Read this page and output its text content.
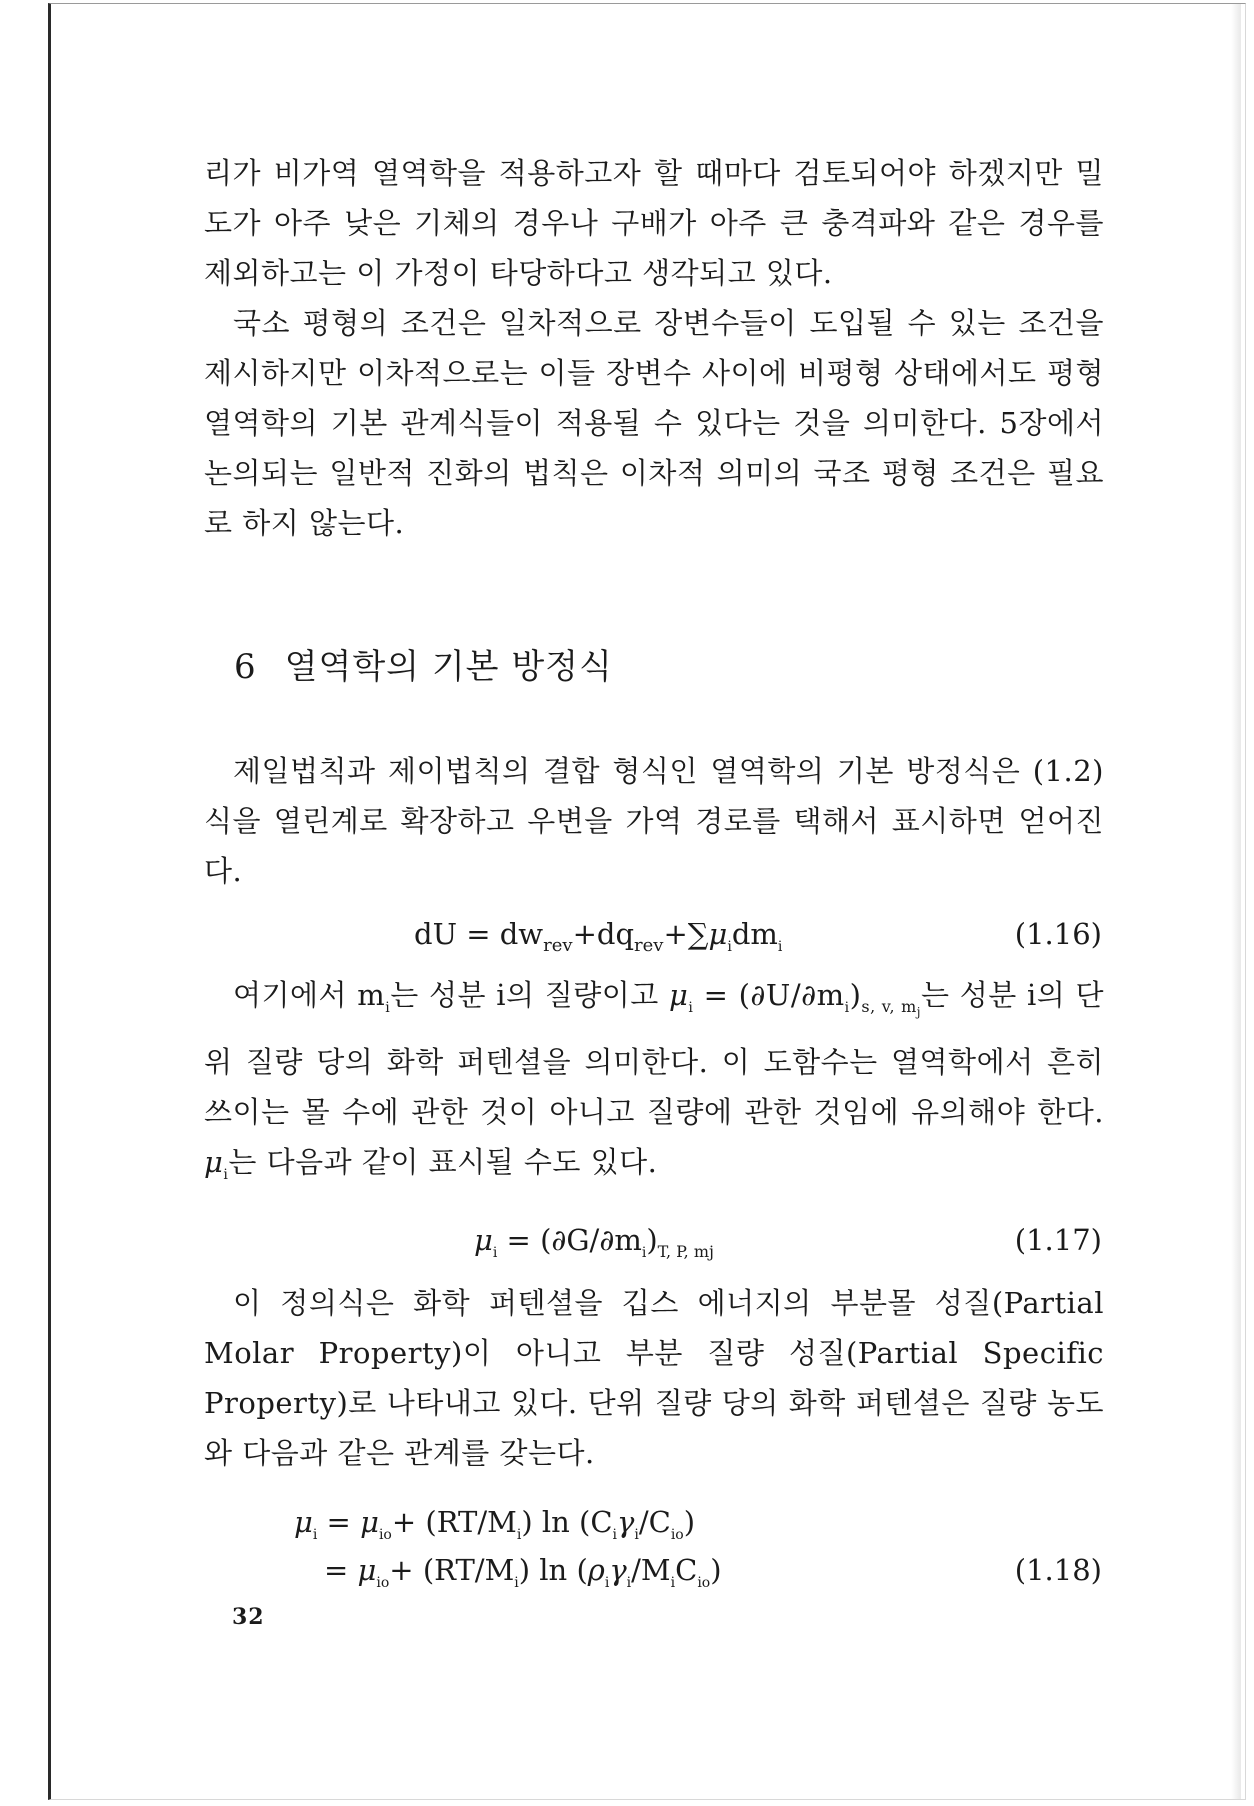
리가 비가역 열역학을 적용하고자 할 때마다 검토되어야 하겠지만 밀도가 아주 낮은 기체의 경우나 구배가 아주 큰 충격파와 같은 경우를 제외하고는 이 가정이 타당하다고 생각되고 있다.

국소 평형의 조건은 일차적으로 장변수들이 도입될 수 있는 조건을 제시하지만 이차적으로는 이들 장변수 사이에 비평형 상태에서도 평형 열역학의 기본 관계식들이 적용될 수 있다는 것을 의미한다. 5장에서 논의되는 일반적 진화의 법칙은 이차적 의미의 국조 평형 조건은 필요로 하지 않는다.

6 열역학의 기본 방정식

제일법칙과 제이법칙의 결합 형식인 열역학의 기본 방정식은 (1.2)식을 열린계로 확장하고 우변을 가역 경로를 택해서 표시하면 얻어진다.

dU = $dw_{rev}+dq_{rev}+\sum\mu_idm_i$	(1.16)

여기에서 $m_i$는 성분 i의 질량이고 $\mu_i = (\partial U/\partial m_i)_{s, v, m_j}$는 성분 i의 단위 질량 당의 화학 퍼텐셜을 의미한다. 이 도함수는 열역학에서 흔히 쓰이는 몰 수에 관한 것이 아니고 질량에 관한 것임에 유의해야 한다. $\mu_i$는 다음과 같이 표시될 수도 있다.

$\mu_i = (\partial G/\partial m_i)_{T, P, mj}$	(1.17)

이 정의식은 화학 퍼텐셜을 깁스 에너지의 부분몰 성질(Partial Molar Property)이 아니고 부분 질량 성질(Partial Specific Property)로 나타내고 있다. 단위 질량 당의 화학 퍼텐셜은 질량 농도와 다음과 같은 관계를 갖는다.

$\mu_i = \mu_{io}+ (RT/M_i)$ $\ln (C_i\gamma_i/C_{io})$
= $\mu_{io}+ (RT/M_i)$ $\ln (\rho_i\gamma_i/M_iC_{io})$	(1.18)
32
